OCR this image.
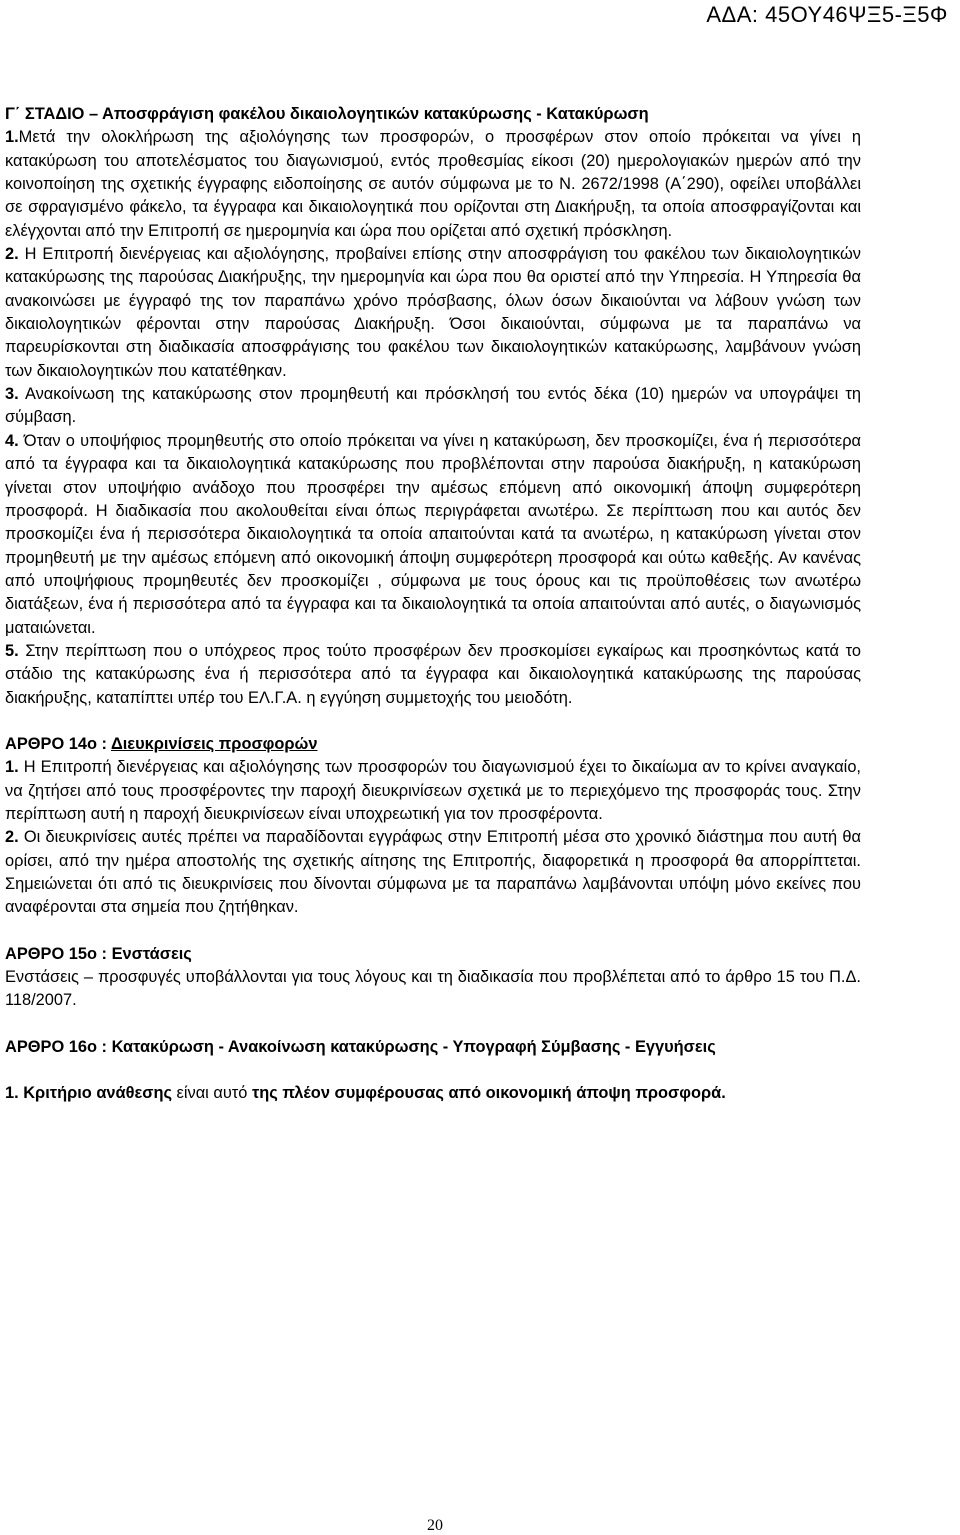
ΑΔΑ: 45ΟΥ46ΨΞ5-Ξ5Φ

Γ΄ ΣΤΑΔΙΟ – Αποσφράγιση φακέλου δικαιολογητικών κατακύρωσης - Κατακύρωση

1.Μετά την ολοκλήρωση της αξιολόγησης των προσφορών, ο προσφέρων στον οποίο πρόκειται να γίνει η κατακύρωση του αποτελέσματος του διαγωνισμού, εντός προθεσμίας είκοσι (20) ημερολογιακών ημερών από την κοινοποίηση της σχετικής έγγραφης ειδοποίησης σε αυτόν σύμφωνα με το Ν. 2672/1998 (Α΄290), οφείλει υποβάλλει σε σφραγισμένο φάκελο, τα έγγραφα και δικαιολογητικά που ορίζονται στη Διακήρυξη, τα οποία αποσφραγίζονται και ελέγχονται από την Επιτροπή σε ημερομηνία και ώρα που ορίζεται από σχετική πρόσκληση.

2. Η Επιτροπή διενέργειας και αξιολόγησης, προβαίνει επίσης στην αποσφράγιση του φακέλου των δικαιολογητικών κατακύρωσης της παρούσας Διακήρυξης, την ημερομηνία και ώρα που θα οριστεί από την Υπηρεσία. Η Υπηρεσία θα ανακοινώσει με έγγραφό της τον παραπάνω χρόνο πρόσβασης, όλων όσων δικαιούνται να λάβουν γνώση των δικαιολογητικών φέρονται στην παρούσας Διακήρυξη. Όσοι δικαιούνται, σύμφωνα με τα παραπάνω να παρευρίσκονται στη διαδικασία αποσφράγισης του φακέλου των δικαιολογητικών κατακύρωσης, λαμβάνουν γνώση των δικαιολογητικών που κατατέθηκαν.

3. Ανακοίνωση της κατακύρωσης στον προμηθευτή και πρόσκλησή του εντός δέκα (10) ημερών να υπογράψει τη σύμβαση.

4. Όταν ο υποψήφιος προμηθευτής στο οποίο πρόκειται να γίνει η κατακύρωση, δεν προσκομίζει, ένα ή περισσότερα από τα έγγραφα και τα δικαιολογητικά κατακύρωσης που προβλέπονται στην παρούσα διακήρυξη, η κατακύρωση γίνεται στον υποψήφιο ανάδοχο που προσφέρει την αμέσως επόμενη από οικονομική άποψη συμφερότερη προσφορά. Η διαδικασία που ακολουθείται είναι όπως περιγράφεται ανωτέρω. Σε περίπτωση που και αυτός δεν προσκομίζει ένα ή περισσότερα δικαιολογητικά τα οποία απαιτούνται κατά τα ανωτέρω, η κατακύρωση γίνεται στον προμηθευτή με την αμέσως επόμενη από οικονομική άποψη συμφερότερη προσφορά και ούτω καθεξής. Αν κανένας από υποψήφιους προμηθευτές δεν προσκομίζει , σύμφωνα με τους όρους και τις προϋποθέσεις των ανωτέρω διατάξεων, ένα ή περισσότερα από τα έγγραφα και τα δικαιολογητικά τα οποία απαιτούνται από αυτές, ο διαγωνισμός ματαιώνεται.

5. Στην περίπτωση που ο υπόχρεος προς τούτο προσφέρων δεν προσκομίσει εγκαίρως και προσηκόντως κατά το στάδιο της κατακύρωσης ένα ή περισσότερα από τα έγγραφα και δικαιολογητικά κατακύρωσης της παρούσας διακήρυξης, καταπίπτει υπέρ του ΕΛ.Γ.Α. η εγγύηση συμμετοχής του μειοδότη.

ΑΡΘΡΟ 14ο : Διευκρινίσεις προσφορών

1. Η Επιτροπή διενέργειας και αξιολόγησης των προσφορών του διαγωνισμού έχει το δικαίωμα αν το κρίνει αναγκαίο, να ζητήσει από τους προσφέροντες την παροχή διευκρινίσεων σχετικά με το περιεχόμενο της προσφοράς τους. Στην περίπτωση αυτή η παροχή διευκρινίσεων είναι υποχρεωτική για τον προσφέροντα.

2. Οι διευκρινίσεις αυτές πρέπει να παραδίδονται εγγράφως στην Επιτροπή μέσα στο χρονικό διάστημα που αυτή θα ορίσει, από την ημέρα αποστολής της σχετικής αίτησης της Επιτροπής, διαφορετικά η προσφορά θα απορρίπτεται. Σημειώνεται ότι από τις διευκρινίσεις που δίνονται σύμφωνα με τα παραπάνω λαμβάνονται υπόψη μόνο εκείνες που αναφέρονται στα σημεία που ζητήθηκαν.

ΑΡΘΡΟ 15ο : Ενστάσεις

Ενστάσεις – προσφυγές υποβάλλονται για τους λόγους και τη διαδικασία που προβλέπεται από το άρθρο 15 του Π.Δ. 118/2007.

ΑΡΘΡΟ 16ο : Κατακύρωση - Ανακοίνωση κατακύρωσης - Υπογραφή Σύμβασης - Εγγυήσεις

1. Κριτήριο ανάθεσης είναι αυτό της πλέον συμφέρουσας από οικονομική άποψη προσφορά.

20
